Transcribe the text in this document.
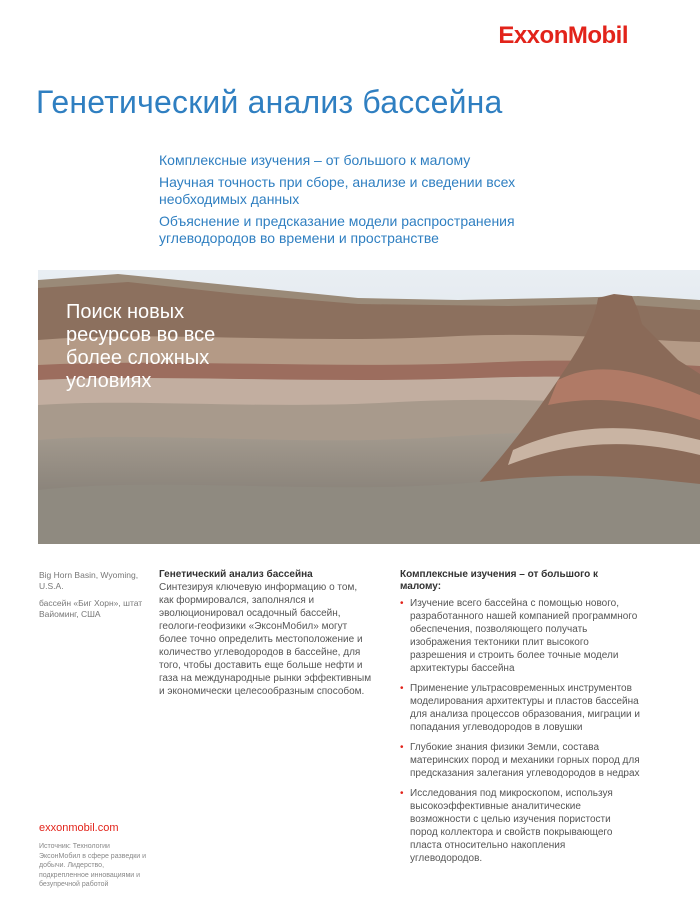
ExxonMobil
Генетический анализ бассейна
Комплексные изучения – от большого к малому
Научная точность при сборе, анализе и сведении всех необходимых данных
Объяснение и предсказание модели распространения углеводородов во времени и пространстве

Поиск новых ресурсов во все более сложных условиях

Big Horn Basin, Wyoming, U.S.A.

бассейн «Биг Хорн», штат Вайоминг, США

Генетический анализ бассейна

Синтезируя ключевую информацию о том, как формировался, заполнялся и эволюционировал осадочный бассейн, геологи-геофизики «ЭксонМобил» могут более точно определить местоположение и количество углеводородов в бассейне, для того, чтобы доставить еще больше нефти и газа на международные рынки эффективным и экономически целесообразным способом.

Комплексные изучения – от большого к малому:

• Изучение всего бассейна с помощью нового, разработанного нашей компанией программного обеспечения, позволяющего получать изображения тектоники плит высокого разрешения и строить более точные модели архитектуры бассейна
• Применение ультрасовременных инструментов моделирования архитектуры и пластов бассейна для анализа процессов образования, миграции и попадания углеводородов в ловушки
• Глубокие знания физики Земли, состава материнских пород и механики горных пород для предсказания залегания углеводородов в недрах
• Исследования под микроскопом, используя высокоэффективные аналитические возможности с целью изучения пористости пород коллектора и свойств покрывающего пласта относительно накопления углеводородов.
exxonmobil.com

Источник: Технологии ЭксонМобил в сфере разведки и добычи. Лидерство, подкрепленное инновациями и безупречной работой
